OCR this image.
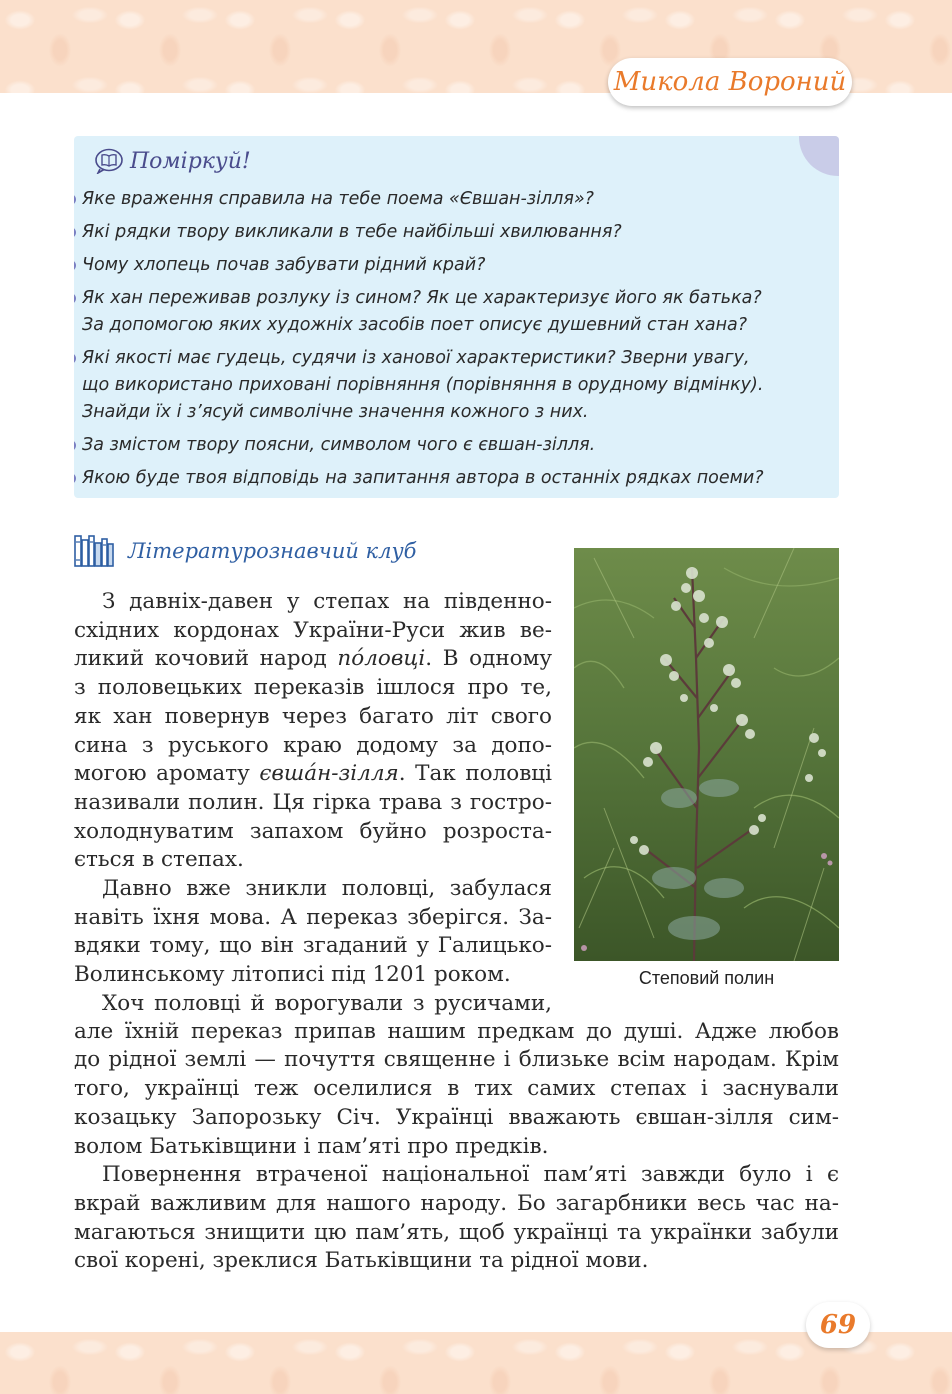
Микола Вороний
Поміркуй!
Яке враження справила на тебе поема «Євшан-зілля»?
Які рядки твору викликали в тебе найбільші хвилювання?
Чому хлопець почав забувати рідний край?
Як хан переживав розлуку із сином? Як це характеризує його як батька?
За допомогою яких художніх засобів поет описує душевний стан хана?
Які якості має гудець, судячи із ханової характеристики? Зверни увагу,
що використано приховані порівняння (порівняння в орудному відмінку).
Знайди їх і з’ясуй символічне значення кожного з них.
За змістом твору поясни, символом чого є євшан-зілля.
Якою буде твоя відповідь на запитання автора в останніх рядках поеми?
Літературознавчий клуб
Степовий полин
З давніх-давен у степах на південно-
східних кордонах України-Руси жив ве-
ликий кочовий народ по́ловці. В одному
з половецьких переказів ішлося про те,
як хан повернув через багато літ свого
сина з руського краю додому за допо-
могою аромату євша́н-зілля. Так половці
називали полин. Ця гірка трава з гостро-
холоднуватим запахом буйно розроста-
ється в степах.
Давно вже зникли половці, забулася
навіть їхня мова. А переказ зберігся. За-
вдяки тому, що він згаданий у Галицько-
Волинському літописі під 1201 роком.
Хоч половці й ворогували з русичами,
але їхній переказ припав нашим предкам до душі. Адже любов
до рідної землі — почуття священне і близьке всім народам. Крім
того, українці теж оселилися в тих самих степах і заснували
козацьку Запорозьку Січ. Українці вважають євшан-зілля сим-
волом Батьківщини і пам’яті про предків.
Повернення втраченої національної пам’яті завжди було і є
вкрай важливим для нашого народу. Бо загарбники весь час на-
магаються знищити цю пам’ять, щоб українці та українки забули
свої корені, зреклися Батьківщини та рідної мови.
69
